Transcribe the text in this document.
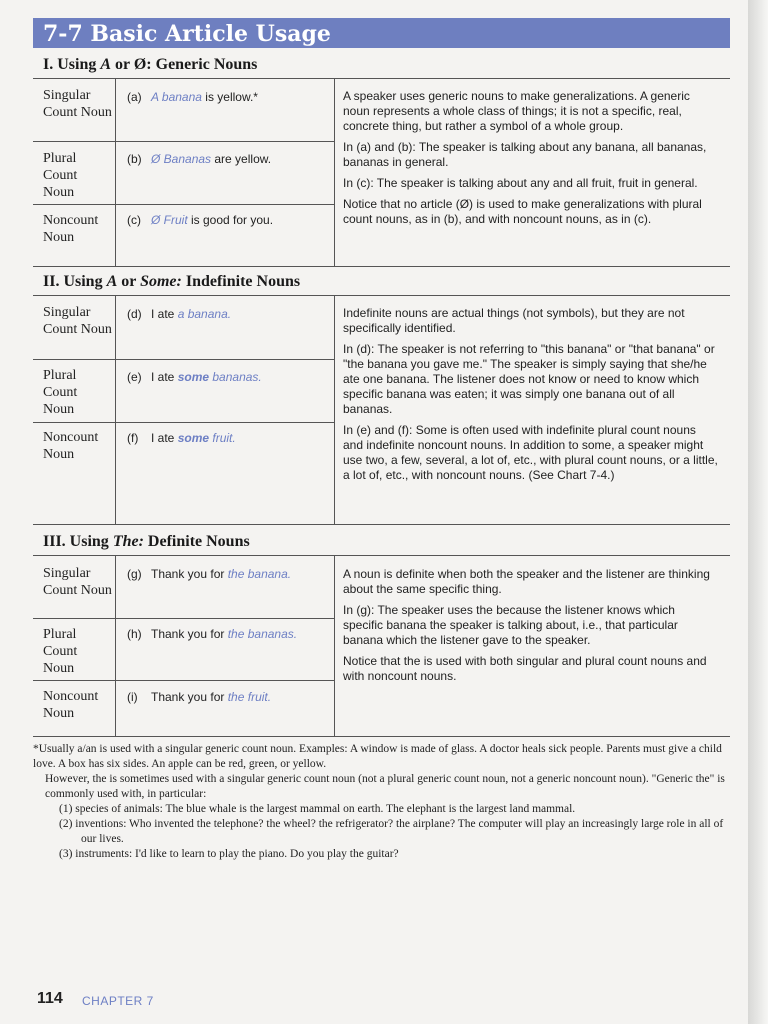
7-7 Basic Article Usage
I. Using A or Ø: Generic Nouns
Singular Count Noun
Plural Count Noun
Noncount Noun
(a) A banana is yellow.*
(b) Ø Bananas are yellow.
(c) Ø Fruit is good for you.

A speaker uses generic nouns to make generalizations. A generic noun represents a whole class of things; it is not a specific, real, concrete thing, but rather a symbol of a whole group.

In (a) and (b): The speaker is talking about any banana, all bananas, bananas in general.

In (c): The speaker is talking about any and all fruit, fruit in general.

Notice that no article (Ø) is used to make generalizations with plural count nouns, as in (b), and with noncount nouns, as in (c).

II. Using A or Some: Indefinite Nouns
Singular Count Noun
Plural Count Noun
Noncount Noun
(d) I ate a banana.
(e) I ate some bananas.
(f) I ate some fruit.

Indefinite nouns are actual things (not symbols), but they are not specifically identified.

In (d): The speaker is not referring to "this banana" or "that banana" or "the banana you gave me." The speaker is simply saying that she/he ate one banana. The listener does not know or need to know which specific banana was eaten; it was simply one banana out of all bananas.

In (e) and (f): Some is often used with indefinite plural count nouns and indefinite noncount nouns. In addition to some, a speaker might use two, a few, several, a lot of, etc., with plural count nouns, or a little, a lot of, etc., with noncount nouns. (See Chart 7-4.)

III. Using The: Definite Nouns
Singular Count Noun
Plural Count Noun
Noncount Noun
(g) Thank you for the banana.
(h) Thank you for the bananas.
(i) Thank you for the fruit.

A noun is definite when both the speaker and the listener are thinking about the same specific thing.

In (g): The speaker uses the because the listener knows which specific banana the speaker is talking about, i.e., that particular banana which the listener gave to the speaker.

Notice that the is used with both singular and plural count nouns and with noncount nouns.

*Usually a/an is used with a singular generic count noun. Examples: A window is made of glass. A doctor heals sick people. Parents must give a child love. A box has six sides. An apple can be red, green, or yellow.

However, the is sometimes used with a singular generic count noun (not a plural generic count noun, not a generic noncount noun). "Generic the" is commonly used with, in particular:

(1) species of animals: The blue whale is the largest mammal on earth. The elephant is the largest land mammal.

(2) inventions: Who invented the telephone? the wheel? the refrigerator? the airplane? The computer will play an increasingly large role in all of our lives.

(3) instruments: I'd like to learn to play the piano. Do you play the guitar?

114 CHAPTER 7
